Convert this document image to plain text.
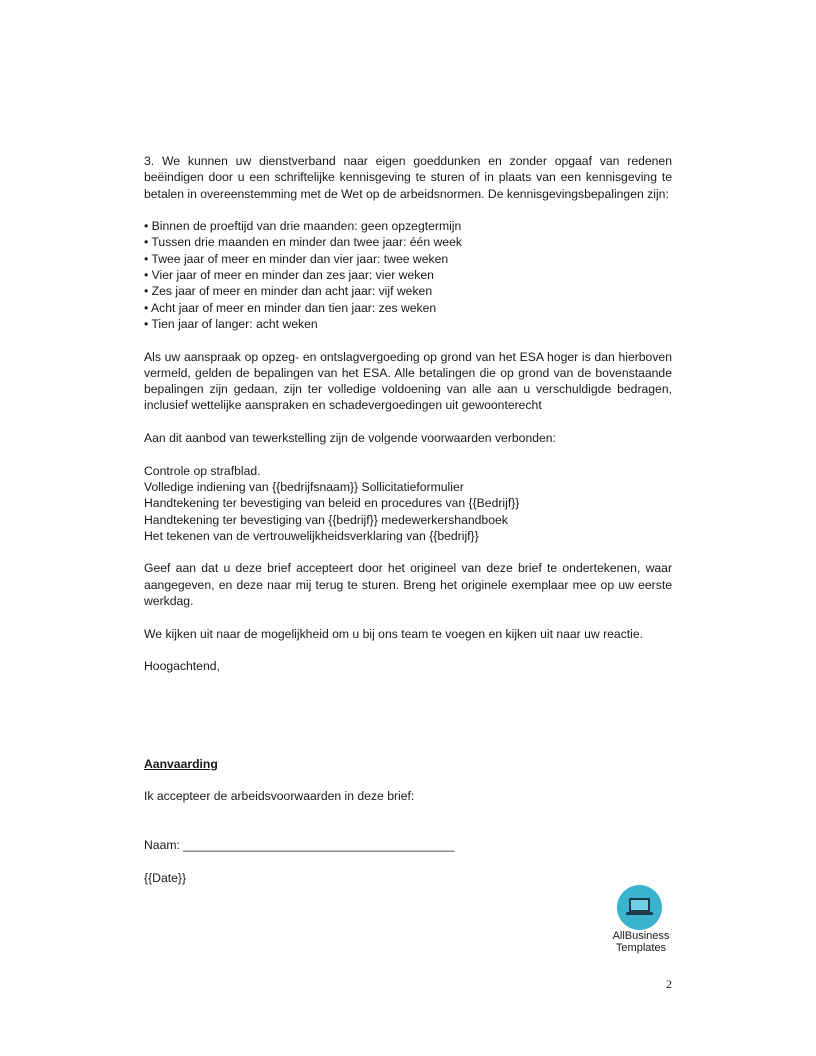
3. We kunnen uw dienstverband naar eigen goeddunken en zonder opgaaf van redenen beëindigen door u een schriftelijke kennisgeving te sturen of in plaats van een kennisgeving te betalen in overeenstemming met de Wet op de arbeidsnormen. De kennisgevingsbepalingen zijn:

• Binnen de proeftijd van drie maanden: geen opzegtermijn

• Tussen drie maanden en minder dan twee jaar: één week

• Twee jaar of meer en minder dan vier jaar: twee weken

• Vier jaar of meer en minder dan zes jaar: vier weken

• Zes jaar of meer en minder dan acht jaar: vijf weken

• Acht jaar of meer en minder dan tien jaar: zes weken

• Tien jaar of langer: acht weken

Als uw aanspraak op opzeg- en ontslagvergoeding op grond van het ESA hoger is dan hierboven vermeld, gelden de bepalingen van het ESA. Alle betalingen die op grond van de bovenstaande bepalingen zijn gedaan, zijn ter volledige voldoening van alle aan u verschuldigde bedragen, inclusief wettelijke aanspraken en schadevergoedingen uit gewoonterecht

Aan dit aanbod van tewerkstelling zijn de volgende voorwaarden verbonden:

Controle op strafblad.

Volledige indiening van {{bedrijfsnaam}} Sollicitatieformulier

Handtekening ter bevestiging van beleid en procedures van {{Bedrijf}}

Handtekening ter bevestiging van {{bedrijf}} medewerkershandboek

Het tekenen van de vertrouwelijkheidsverklaring van {{bedrijf}}

Geef aan dat u deze brief accepteert door het origineel van deze brief te ondertekenen, waar aangegeven, en deze naar mij terug te sturen. Breng het originele exemplaar mee op uw eerste werkdag.

We kijken uit naar de mogelijkheid om u bij ons team te voegen en kijken uit naar uw reactie.

Hoogachtend,

Aanvaarding

Ik accepteer de arbeidsvoorwaarden in deze brief:

Naam: ________________________________________

{{Date}}

AllBusiness
Templates
2
